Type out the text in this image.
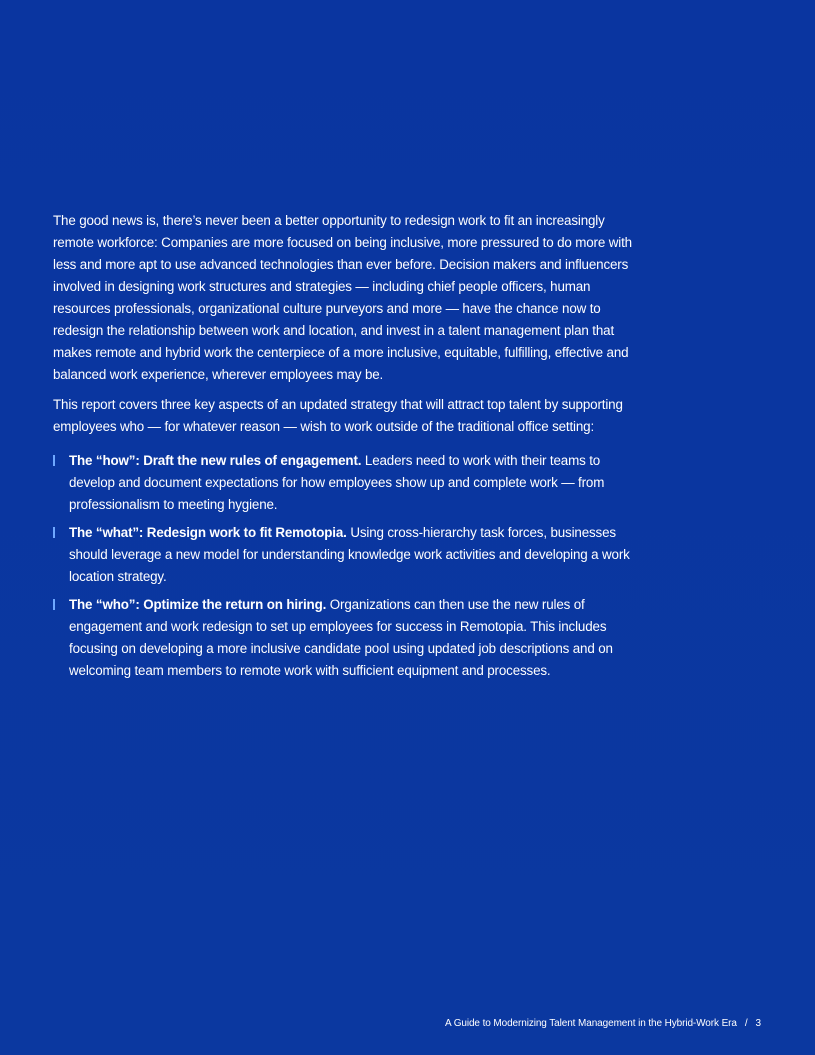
The good news is, there’s never been a better opportunity to redesign work to fit an increasingly remote workforce: Companies are more focused on being inclusive, more pressured to do more with less and more apt to use advanced technologies than ever before. Decision makers and influencers involved in designing work structures and strategies — including chief people officers, human resources professionals, organizational culture purveyors and more — have the chance now to redesign the relationship between work and location, and invest in a talent management plan that makes remote and hybrid work the centerpiece of a more inclusive, equitable, fulfilling, effective and balanced work experience, wherever employees may be.

This report covers three key aspects of an updated strategy that will attract top talent by supporting employees who — for whatever reason — wish to work outside of the traditional office setting:

The “how”: Draft the new rules of engagement. Leaders need to work with their teams to develop and document expectations for how employees show up and complete work — from professionalism to meeting hygiene.
The “what”: Redesign work to fit Remotopia. Using cross-hierarchy task forces, businesses should leverage a new model for understanding knowledge work activities and developing a work location strategy.
The “who”: Optimize the return on hiring. Organizations can then use the new rules of engagement and work redesign to set up employees for success in Remotopia. This includes focusing on developing a more inclusive candidate pool using updated job descriptions and on welcoming team members to remote work with sufficient equipment and processes.
A Guide to Modernizing Talent Management in the Hybrid-Work Era / 3
